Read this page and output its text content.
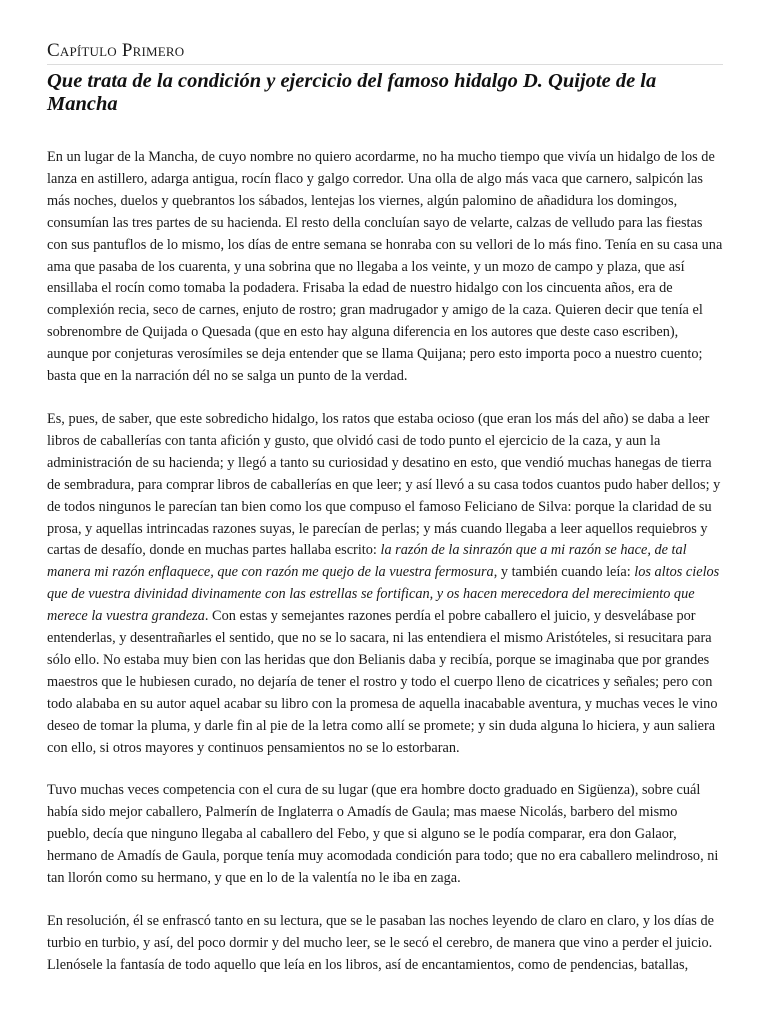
Capítulo Primero
Que trata de la condición y ejercicio del famoso hidalgo D. Quijote de la Mancha

En un lugar de la Mancha, de cuyo nombre no quiero acordarme, no ha mucho tiempo que vivía un hidalgo de los de lanza en astillero, adarga antigua, rocín flaco y galgo corredor. Una olla de algo más vaca que carnero, salpicón las más noches, duelos y quebrantos los sábados, lentejas los viernes, algún palomino de añadidura los domingos, consumían las tres partes de su hacienda. El resto della concluían sayo de velarte, calzas de velludo para las fiestas con sus pantuflos de lo mismo, los días de entre semana se honraba con su vellori de lo más fino. Tenía en su casa una ama que pasaba de los cuarenta, y una sobrina que no llegaba a los veinte, y un mozo de campo y plaza, que así ensillaba el rocín como tomaba la podadera. Frisaba la edad de nuestro hidalgo con los cincuenta años, era de complexión recia, seco de carnes, enjuto de rostro; gran madrugador y amigo de la caza. Quieren decir que tenía el sobrenombre de Quijada o Quesada (que en esto hay alguna diferencia en los autores que deste caso escriben), aunque por conjeturas verosímiles se deja entender que se llama Quijana; pero esto importa poco a nuestro cuento; basta que en la narración dél no se salga un punto de la verdad.

Es, pues, de saber, que este sobredicho hidalgo, los ratos que estaba ocioso (que eran los más del año) se daba a leer libros de caballerías con tanta afición y gusto, que olvidó casi de todo punto el ejercicio de la caza, y aun la administración de su hacienda; y llegó a tanto su curiosidad y desatino en esto, que vendió muchas hanegas de tierra de sembradura, para comprar libros de caballerías en que leer; y así llevó a su casa todos cuantos pudo haber dellos; y de todos ningunos le parecían tan bien como los que compuso el famoso Feliciano de Silva: porque la claridad de su prosa, y aquellas intrincadas razones suyas, le parecían de perlas; y más cuando llegaba a leer aquellos requiebros y cartas de desafío, donde en muchas partes hallaba escrito: la razón de la sinrazón que a mi razón se hace, de tal manera mi razón enflaquece, que con razón me quejo de la vuestra fermosura, y también cuando leía: los altos cielos que de vuestra divinidad divinamente con las estrellas se fortifican, y os hacen merecedora del merecimiento que merece la vuestra grandeza. Con estas y semejantes razones perdía el pobre caballero el juicio, y desvelábase por entenderlas, y desentrañarles el sentido, que no se lo sacara, ni las entendiera el mismo Aristóteles, si resucitara para sólo ello. No estaba muy bien con las heridas que don Belianis daba y recibía, porque se imaginaba que por grandes maestros que le hubiesen curado, no dejaría de tener el rostro y todo el cuerpo lleno de cicatrices y señales; pero con todo alababa en su autor aquel acabar su libro con la promesa de aquella inacabable aventura, y muchas veces le vino deseo de tomar la pluma, y darle fin al pie de la letra como allí se promete; y sin duda alguna lo hiciera, y aun saliera con ello, si otros mayores y continuos pensamientos no se lo estorbaran.

Tuvo muchas veces competencia con el cura de su lugar (que era hombre docto graduado en Sigüenza), sobre cuál había sido mejor caballero, Palmerín de Inglaterra o Amadís de Gaula; mas maese Nicolás, barbero del mismo pueblo, decía que ninguno llegaba al caballero del Febo, y que si alguno se le podía comparar, era don Galaor, hermano de Amadís de Gaula, porque tenía muy acomodada condición para todo; que no era caballero melindroso, ni tan llorón como su hermano, y que en lo de la valentía no le iba en zaga.

En resolución, él se enfrascó tanto en su lectura, que se le pasaban las noches leyendo de claro en claro, y los días de turbio en turbio, y así, del poco dormir y del mucho leer, se le secó el cerebro, de manera que vino a perder el juicio. Llenósele la fantasía de todo aquello que leía en los libros, así de encantamientos, como de pendencias, batallas,
